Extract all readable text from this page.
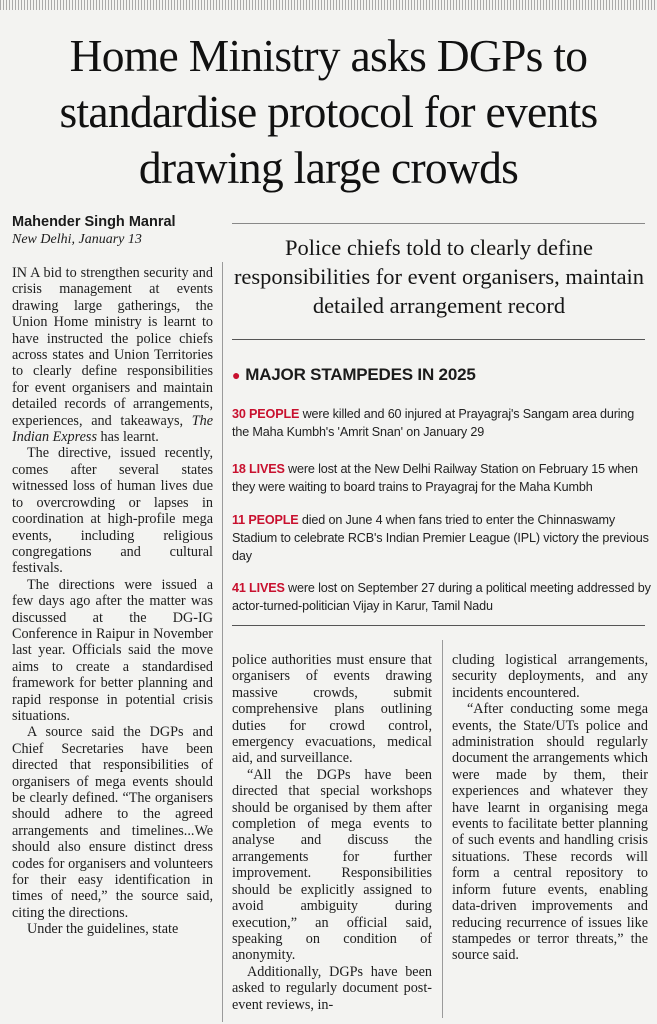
Home Ministry asks DGPs to standardise protocol for events drawing large crowds
Mahender Singh Manral
New Delhi, January 13	Police chiefs told to clearly define responsibilities for event organisers, maintain detailed arrangement record
● MAJOR STAMPEDES IN 2025
30 PEOPLE were killed and 60 injured at Prayagraj's Sangam area during the Maha Kumbh's 'Amrit Snan' on January 29
18 LIVES were lost at the New Delhi Railway Station on February 15 when they were waiting to board trains to Prayagraj for the Maha Kumbh
11 PEOPLE died on June 4 when fans tried to enter the Chinnaswamy Stadium to celebrate RCB's Indian Premier League (IPL) victory the previous day
41 LIVES were lost on September 27 during a political meeting addressed by actor-turned-politician Vijay in Karur, Tamil Nadu

IN A bid to strengthen security and crisis management at events drawing large gatherings, the Union Home ministry is learnt to have instructed the police chiefs across states and Union Territories to clearly define responsibilities for event organisers and maintain detailed records of arrangements, experiences, and takeaways, The Indian Express has learnt.

The directive, issued recently, comes after several states witnessed loss of human lives due to overcrowding or lapses in coordination at high-profile mega events, including religious congregations and cultural festivals.

The directions were issued a few days ago after the matter was discussed at the DG-IG Conference in Raipur in November last year. Officials said the move aims to create a standardised framework for better planning and rapid response in potential crisis situations.

A source said the DGPs and Chief Secretaries have been directed that responsibilities of organisers of mega events should be clearly defined. “The organisers should adhere to the agreed arrangements and timelines...We should also ensure distinct dress codes for organisers and volunteers for their easy identification in times of need,” the source said, citing the directions.

Under the guidelines, state

police authorities must ensure that organisers of events drawing massive crowds, submit comprehensive plans outlining duties for crowd control, emergency evacuations, medical aid, and surveillance.

“All the DGPs have been directed that special workshops should be organised by them after completion of mega events to analyse and discuss the arrangements for further improvement. Responsibilities should be explicitly assigned to avoid ambiguity during execution,” an official said, speaking on condition of anonymity.

Additionally, DGPs have been asked to regularly document post-event reviews, in-

cluding logistical arrangements, security deployments, and any incidents encountered.

“After conducting some mega events, the State/UTs police and administration should regularly document the arrangements which were made by them, their experiences and whatever they have learnt in organising mega events to facilitate better planning of such events and handling crisis situations. These records will form a central repository to inform future events, enabling data-driven improvements and reducing recurrence of issues like stampedes or terror threats,” the source said.
